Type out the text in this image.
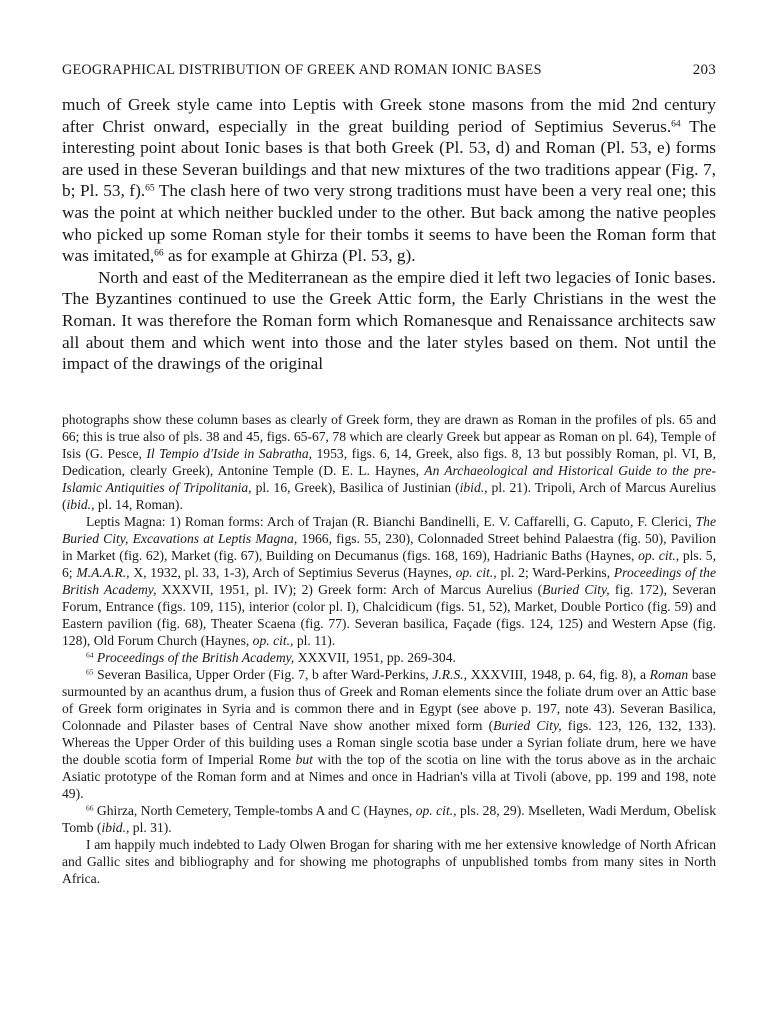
GEOGRAPHICAL DISTRIBUTION OF GREEK AND ROMAN IONIC BASES	203

much of Greek style came into Leptis with Greek stone masons from the mid 2nd century after Christ onward, especially in the great building period of Septimius Severus.$^{64}$ The interesting point about Ionic bases is that both Greek (Pl. 53, d) and Roman (Pl. 53, e) forms are used in these Severan buildings and that new mixtures of the two traditions appear (Fig. 7, b; Pl. 53, f).$^{65}$ The clash here of two very strong traditions must have been a very real one; this was the point at which neither buckled under to the other. But back among the native peoples who picked up some Roman style for their tombs it seems to have been the Roman form that was imitated,$^{66}$ as for example at Ghirza (Pl. 53, g).

North and east of the Mediterranean as the empire died it left two legacies of Ionic bases. The Byzantines continued to use the Greek Attic form, the Early Christians in the west the Roman. It was therefore the Roman form which Romanesque and Renaissance architects saw all about them and which went into those and the later styles based on them. Not until the impact of the drawings of the original

photographs show these column bases as clearly of Greek form, they are drawn as Roman in the profiles of pls. 65 and 66; this is true also of pls. 38 and 45, figs. 65-67, 78 which are clearly Greek but appear as Roman on pl. 64), Temple of Isis (G. Pesce, Il Tempio d'Iside in Sabratha, 1953, figs. 6, 14, Greek, also figs. 8, 13 but possibly Roman, pl. VI, B, Dedication, clearly Greek), Antonine Temple (D. E. L. Haynes, An Archaeological and Historical Guide to the pre-Islamic Antiquities of Tripolitania, pl. 16, Greek), Basilica of Justinian (ibid., pl. 21). Tripoli, Arch of Marcus Aurelius (ibid., pl. 14, Roman).

Leptis Magna: 1) Roman forms: Arch of Trajan (R. Bianchi Bandinelli, E. V. Caffarelli, G. Caputo, F. Clerici, The Buried City, Excavations at Leptis Magna, 1966, figs. 55, 230), Colonnaded Street behind Palaestra (fig. 50), Pavilion in Market (fig. 62), Market (fig. 67), Building on Decumanus (figs. 168, 169), Hadrianic Baths (Haynes, op. cit., pls. 5, 6; M.A.A.R., X, 1932, pl. 33, 1-3), Arch of Septimius Severus (Haynes, op. cit., pl. 2; Ward-Perkins, Proceedings of the British Academy, XXXVII, 1951, pl. IV); 2) Greek form: Arch of Marcus Aurelius (Buried City, fig. 172), Severan Forum, Entrance (figs. 109, 115), interior (color pl. I), Chalcidicum (figs. 51, 52), Market, Double Portico (fig. 59) and Eastern pavilion (fig. 68), Theater Scaena (fig. 77). Severan basilica, Façade (figs. 124, 125) and Western Apse (fig. 128), Old Forum Church (Haynes, op. cit., pl. 11).

$^{64}$ Proceedings of the British Academy, XXXVII, 1951, pp. 269-304.

$^{65}$ Severan Basilica, Upper Order (Fig. 7, b after Ward-Perkins, J.R.S., XXXVIII, 1948, p. 64, fig. 8), a Roman base surmounted by an acanthus drum, a fusion thus of Greek and Roman elements since the foliate drum over an Attic base of Greek form originates in Syria and is common there and in Egypt (see above p. 197, note 43). Severan Basilica, Colonnade and Pilaster bases of Central Nave show another mixed form (Buried City, figs. 123, 126, 132, 133). Whereas the Upper Order of this building uses a Roman single scotia base under a Syrian foliate drum, here we have the double scotia form of Imperial Rome but with the top of the scotia on line with the torus above as in the archaic Asiatic prototype of the Roman form and at Nimes and once in Hadrian's villa at Tivoli (above, pp. 199 and 198, note 49).

$^{66}$ Ghirza, North Cemetery, Temple-tombs A and C (Haynes, op. cit., pls. 28, 29). Mselleten, Wadi Merdum, Obelisk Tomb (ibid., pl. 31).

I am happily much indebted to Lady Olwen Brogan for sharing with me her extensive knowledge of North African and Gallic sites and bibliography and for showing me photographs of unpublished tombs from many sites in North Africa.
